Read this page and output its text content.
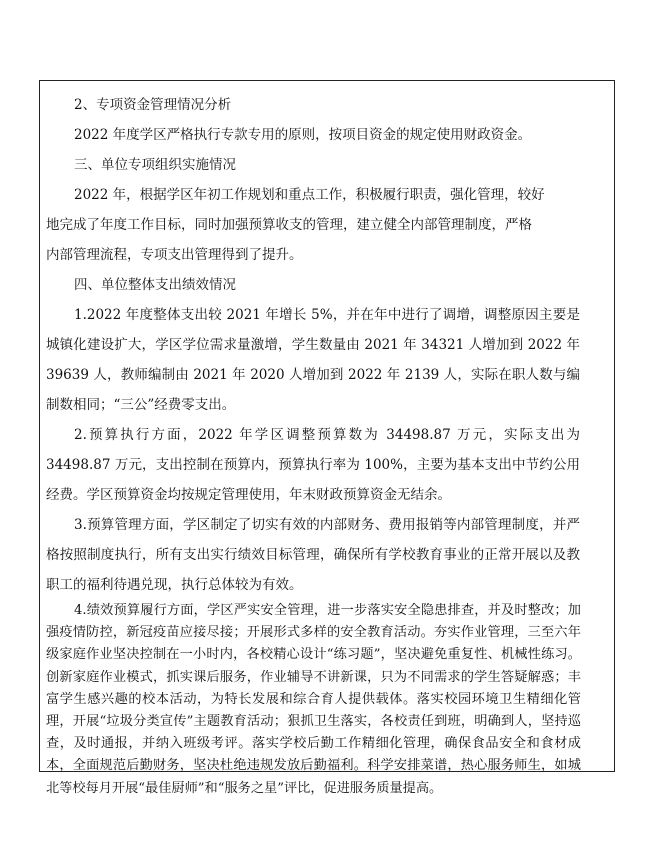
2、专项资金管理情况分析
2022 年度学区严格执行专款专用的原则，按项目资金的规定使用财政资金。
三、单位专项组织实施情况
2022 年，根据学区年初工作规划和重点工作，积极履行职责，强化管理，较好
地完成了年度工作目标，同时加强预算收支的管理，建立健全内部管理制度，严格
内部管理流程，专项支出管理得到了提升。
四、单位整体支出绩效情况

1.2022 年度整体支出较 2021 年增长 5%，并在年中进行了调增，调整原因主要是城镇化建设扩大，学区学位需求量激增，学生数量由 2021 年 34321 人增加到 2022 年 39639 人，教师编制由 2021 年 2020 人增加到 2022 年 2139 人，实际在职人数与编制数相同；“三公”经费零支出。

2.预算执行方面，2022 年学区调整预算数为 34498.87 万元，实际支出为 34498.87 万元，支出控制在预算内，预算执行率为 100%，主要为基本支出中节约公用经费。学区预算资金均按规定管理使用，年末财政预算资金无结余。

3.预算管理方面，学区制定了切实有效的内部财务、费用报销等内部管理制度，并严格按照制度执行，所有支出实行绩效目标管理，确保所有学校教育事业的正常开展以及教职工的福利待遇兑现，执行总体较为有效。

4.绩效预算履行方面，学区严实安全管理，进一步落实安全隐患排查，并及时整改；加强疫情防控，新冠疫苗应接尽接；开展形式多样的安全教育活动。夯实作业管理，三至六年级家庭作业坚决控制在一小时内，各校精心设计“练习题”，坚决避免重复性、机械性练习。创新家庭作业模式，抓实课后服务，作业辅导不讲新课，只为不同需求的学生答疑解惑；丰富学生感兴趣的校本活动，为特长发展和综合育人提供载体。落实校园环境卫生精细化管理，开展“垃圾分类宣传”主题教育活动；狠抓卫生落实，各校责任到班，明确到人，坚持巡查，及时通报，并纳入班级考评。落实学校后勤工作精细化管理，确保食品安全和食材成本，全面规范后勤财务，坚决杜绝违规发放后勤福利。科学安排菜谱，热心服务师生，如城北等校每月开展“最佳厨师”和“服务之星”评比，促进服务质量提高。
